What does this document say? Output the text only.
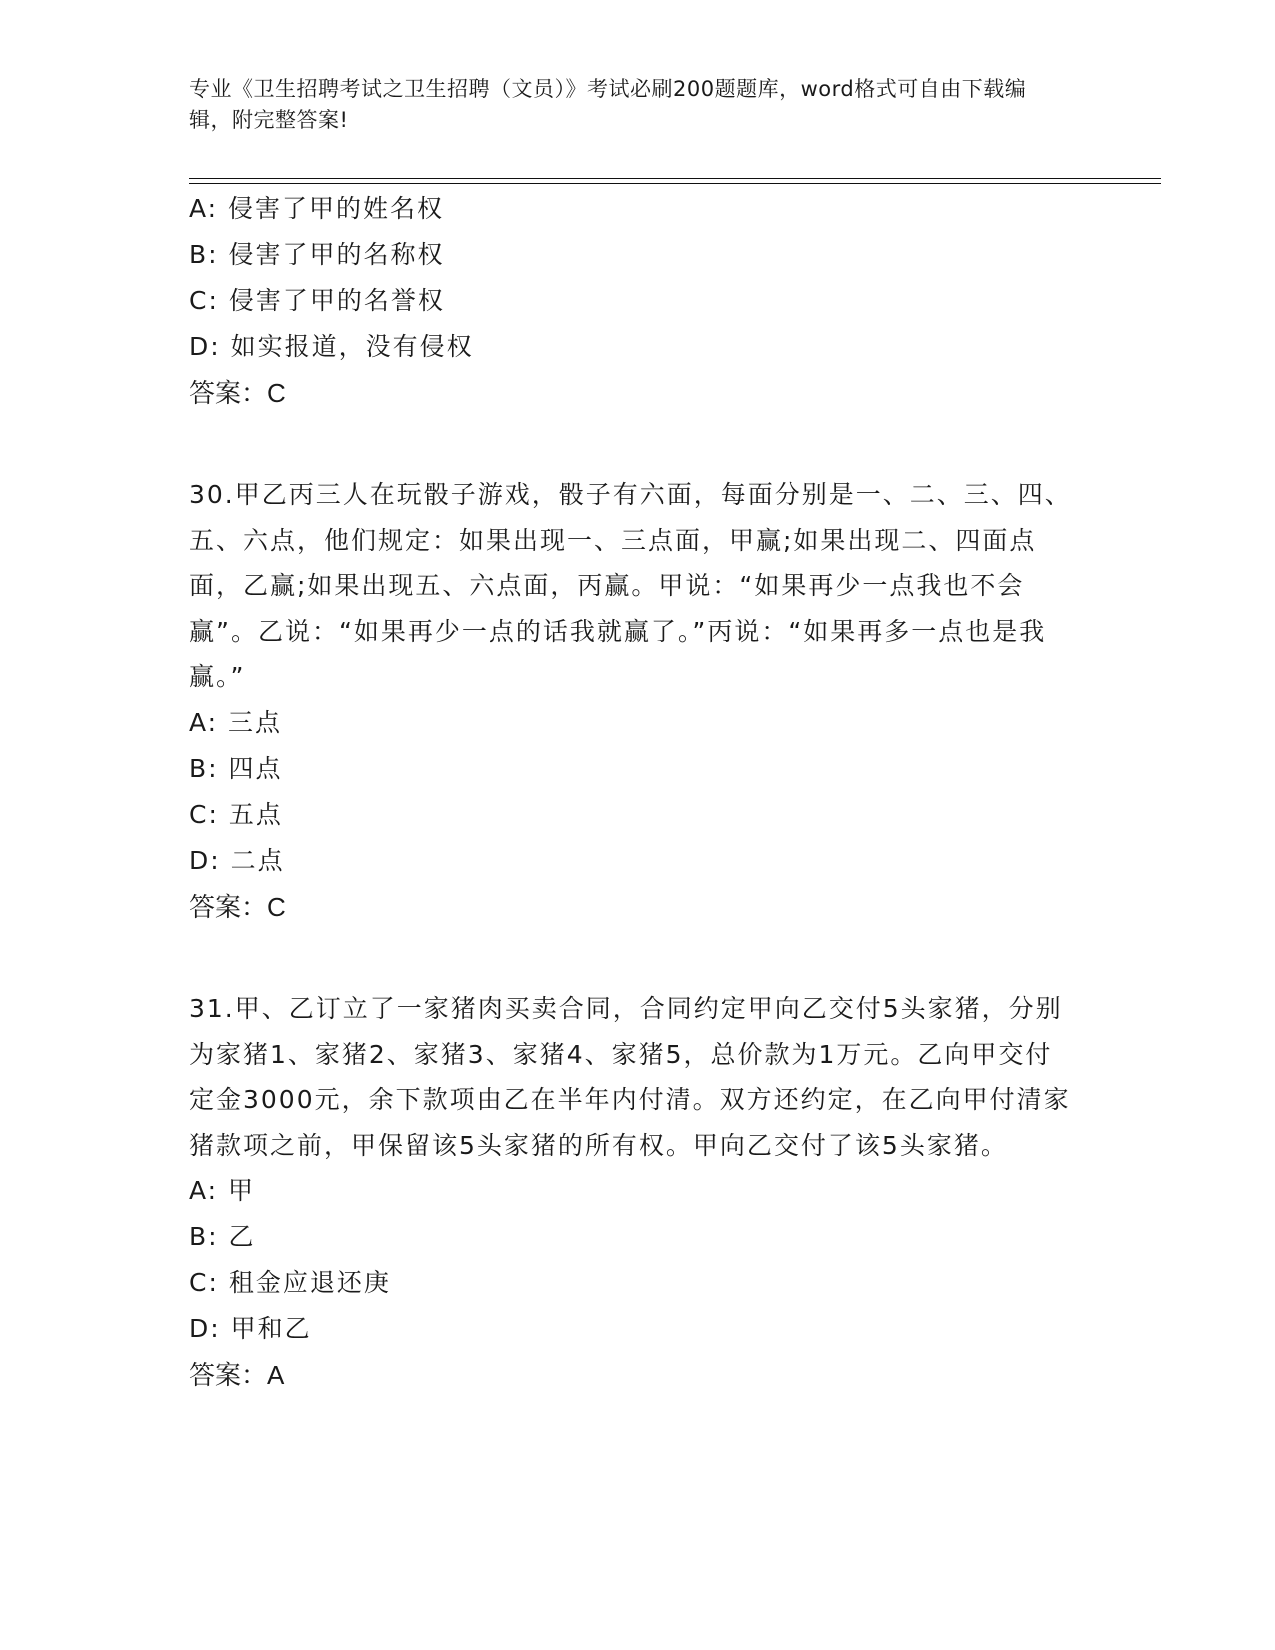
专业《卫生招聘考试之卫生招聘（文员）》考试必刷200题题库，word格式可自由下载编辑，附完整答案!
A: 侵害了甲的姓名权
B: 侵害了甲的名称权
C: 侵害了甲的名誉权
D: 如实报道，没有侵权
答案：C
30.甲乙丙三人在玩骰子游戏，骰子有六面，每面分别是一、二、三、四、五、六点，他们规定：如果出现一、三点面，甲赢;如果出现二、四面点面，乙赢;如果出现五、六点面，丙赢。甲说：“如果再少一点我也不会赢”。乙说：“如果再少一点的话我就赢了。”丙说：“如果再多一点也是我赢。”
A: 三点
B: 四点
C: 五点
D: 二点
答案：C
31.甲、乙订立了一家猪肉买卖合同，合同约定甲向乙交付5头家猪，分别为家猪1、家猪2、家猪3、家猪4、家猪5，总价款为1万元。乙向甲交付定金3000元，余下款项由乙在半年内付清。双方还约定，在乙向甲付清家猪款项之前，甲保留该5头家猪的所有权。甲向乙交付了该5头家猪。
A: 甲
B: 乙
C: 租金应退还庚
D: 甲和乙
答案：A
